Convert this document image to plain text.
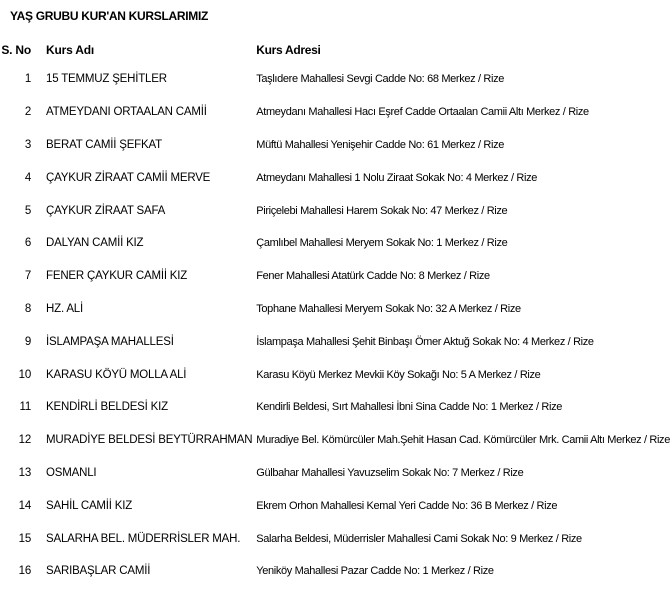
YAŞ GRUBU KUR'AN KURSLARIMIZ
S. No	Kurs Adı	Kurs Adresi
1	15 TEMMUZ ŞEHİTLER	Taşlıdere Mahallesi Sevgi Cadde No: 68 Merkez / Rize
2	ATMEYDANI ORTAALAN CAMİİ	Atmeydanı Mahallesi Hacı Eşref Cadde Ortaalan Camii Altı Merkez / Rize
3	BERAT CAMİİ ŞEFKAT	Müftü Mahallesi Yenişehir Cadde No: 61 Merkez / Rize
4	ÇAYKUR ZİRAAT CAMİİ MERVE	Atmeydanı Mahallesi 1 Nolu Ziraat Sokak No: 4 Merkez / Rize
5	ÇAYKUR ZİRAAT SAFA	Piriçelebi Mahallesi Harem Sokak No: 47 Merkez / Rize
6	DALYAN CAMİİ KIZ	Çamlıbel Mahallesi Meryem Sokak No: 1 Merkez / Rize
7	FENER ÇAYKUR CAMİİ KIZ	Fener Mahallesi Atatürk Cadde No: 8 Merkez / Rize
8	HZ. ALİ	Tophane Mahallesi Meryem Sokak No: 32 A Merkez / Rize
9	İSLAMPAŞA MAHALLESİ	İslampaşa Mahallesi Şehit Binbaşı Ömer Aktuğ Sokak No: 4 Merkez / Rize
10	KARASU KÖYÜ MOLLA ALİ	Karasu Köyü Merkez Mevkii Köy Sokağı No: 5 A Merkez / Rize
11	KENDİRLİ BELDESİ KIZ	Kendirli Beldesi, Sırt Mahallesi İbni Sina Cadde No: 1 Merkez / Rize
12	MURADİYE BELDESİ BEYTÜRRAHMAN	Muradiye Bel. Kömürcüler Mah.Şehit Hasan Cad. Kömürcüler Mrk. Camii Altı Merkez / Rize
13	OSMANLI	Gülbahar Mahallesi Yavuzselim Sokak No: 7 Merkez / Rize
14	SAHİL CAMİİ KIZ	Ekrem Orhon Mahallesi Kemal Yeri Cadde No: 36 B Merkez / Rize
15	SALARHA BEL. MÜDERRİSLER MAH.	Salarha Beldesi, Müderrisler Mahallesi Cami Sokak No: 9 Merkez / Rize
16	SARIBAŞLAR CAMİİ	Yeniköy Mahallesi Pazar Cadde No: 1 Merkez / Rize
